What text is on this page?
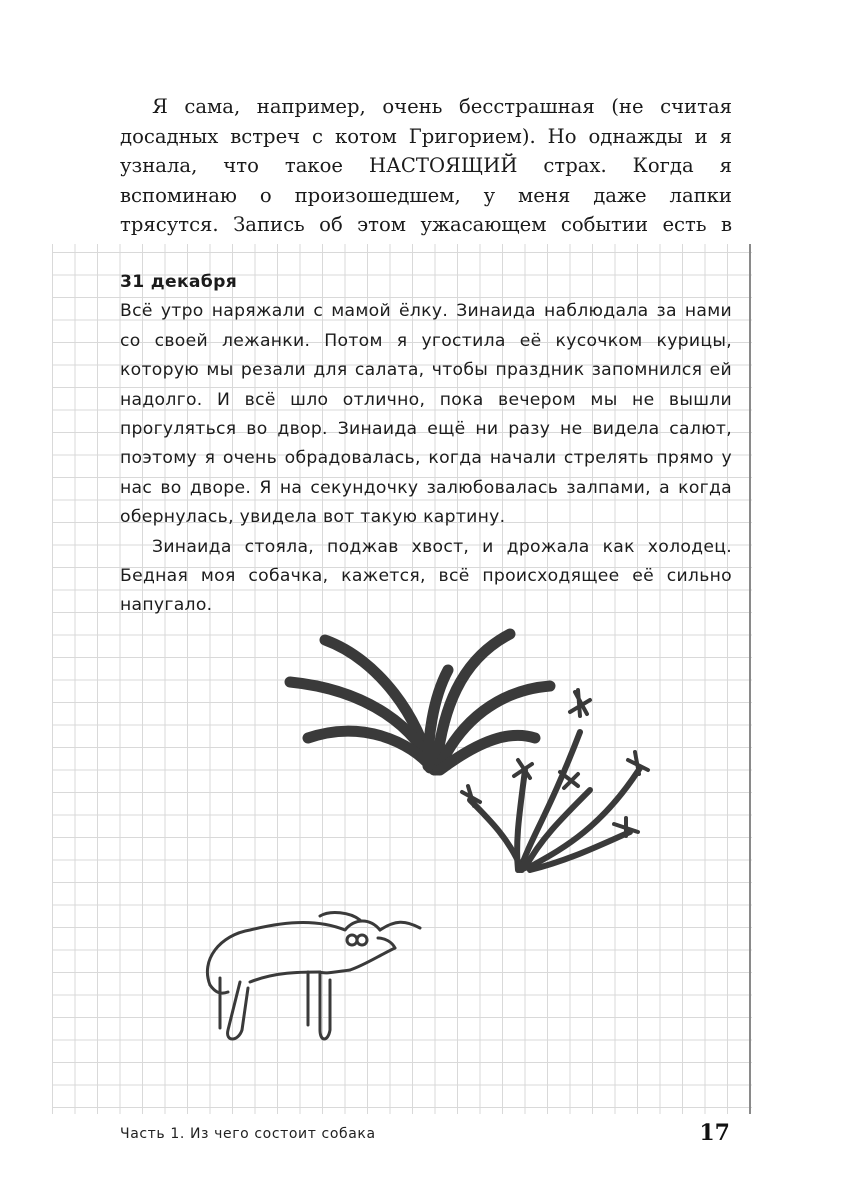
Я сама, например, очень бесстрашная (не считая досадных встреч с котом Григорием). Но однажды и я узнала, что такое НАСТОЯЩИЙ страх. Когда я вспоминаю о произошедшем, у меня даже лапки трясутся. Запись об этом ужасающем событии есть в

31 декабря

Всё утро наряжали с мамой ёлку. Зинаида наблюдала за нами со своей лежанки. Потом я угостила её кусочком курицы, которую мы резали для салата, чтобы праздник запомнился ей надолго. И всё шло отлично, пока вечером мы не вышли прогуляться во двор. Зинаида ещё ни разу не видела салют, поэтому я очень обрадовалась, когда начали стрелять прямо у нас во дворе. Я на секундочку залюбовалась залпами, а когда обернулась, увидела вот такую картину.

Зинаида стояла, поджав хвост, и дрожала как холодец. Бедная моя собачка, кажется, всё происходящее её сильно напугало.

Часть 1. Из чего состоит собака	17
